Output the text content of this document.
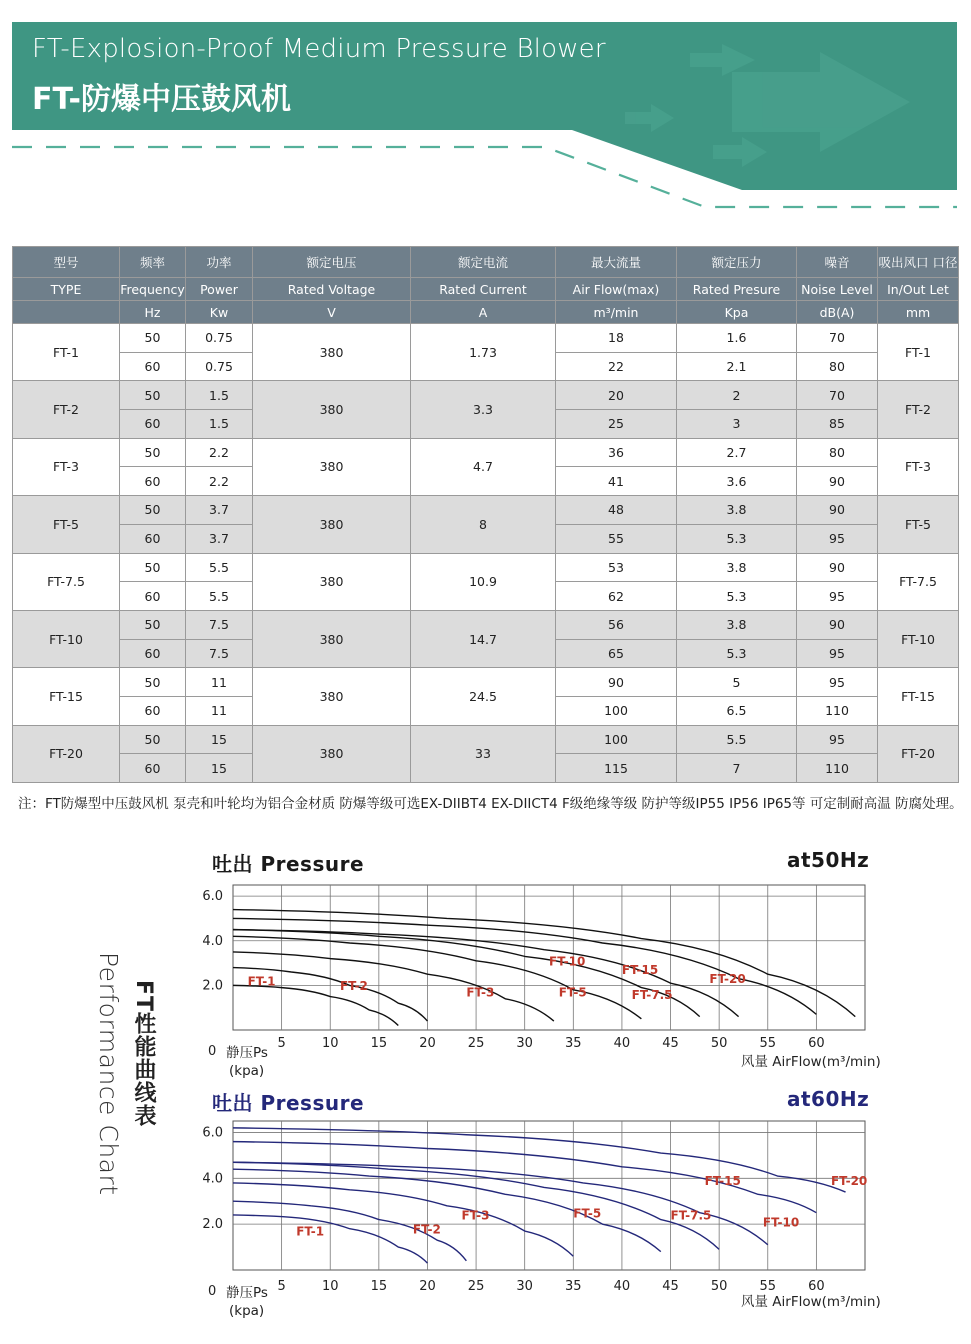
FT-Explosion-Proof Medium Pressure Blower
FT-防爆中压鼓风机
型号	频率	功率	额定电压	额定电流	最大流量	额定压力	噪音	吸出风口 口径
TYPE	Frequency	Power	Rated Voltage	Rated Current	Air Flow(max)	Rated Presure	Noise Level	In/Out Let
	Hz	Kw	V	A	m³/min	Kpa	dB(A)	mm
FT-1	50	0.75	380	1.73	18	1.6	70	FT-1
	60	0.75			22	2.1	80	
FT-2	50	1.5	380	3.3	20	2	70	FT-2
	60	1.5			25	3	85	
FT-3	50	2.2	380	4.7	36	2.7	80	FT-3
	60	2.2			41	3.6	90	
FT-5	50	3.7	380	8	48	3.8	90	FT-5
	60	3.7			55	5.3	95	
FT-7.5	50	5.5	380	10.9	53	3.8	90	FT-7.5
	60	5.5			62	5.3	95	
FT-10	50	7.5	380	14.7	56	3.8	90	FT-10
	60	7.5			65	5.3	95	
FT-15	50	11	380	24.5	90	5	95	FT-15
	60	11			100	6.5	110	
FT-20	50	15	380	33	100	5.5	95	FT-20
	60	15			115	7	110	
注：FT防爆型中压鼓风机 泵壳和叶轮均为铝合金材质 防爆等级可选EX-DIIBT4 EX-DIICT4 F级绝缘等级 防护等级IP55 IP56 IP65等 可定制耐高温 防腐处理。
Performance Chart FT性能曲线表
吐出 Pressure	at50Hz
吐出 Pressure	at60Hz
5	10 15 20 25 30 35 40 45 50 55 60
6.0
4.0
2.0
0 静压Ps
(kpa)
风量 AirFlow(m³/min)
FT-1	FT-2	FT-3	FT-5	FT-7.5
FT-10
FT-15
FT-20
5	10 15 20 25 30 35 40 45 50 55 60
6.0
4.0
2.0
0 静压Ps
(kpa)
风量 AirFlow(m³/min)
FT-1	FT-2
FT-3	FT-5	FT-7.5	FT-10
FT-15	FT-20
